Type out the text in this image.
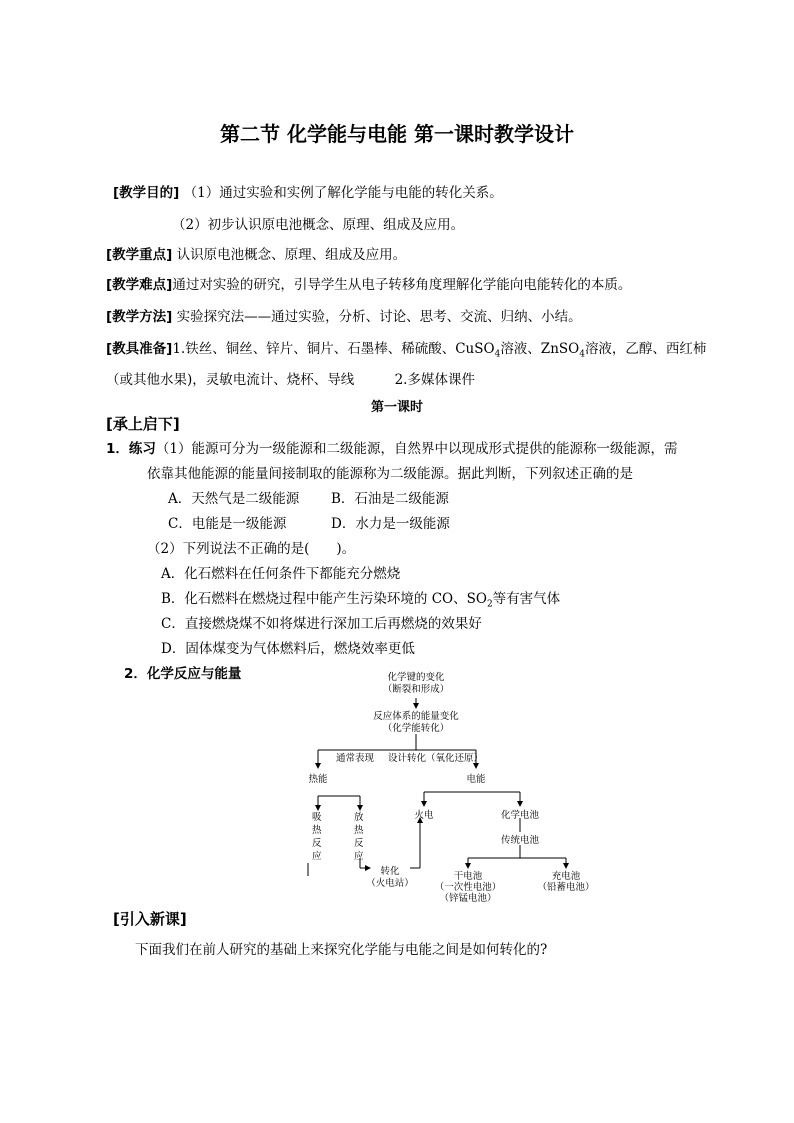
第二节 化学能与电能 第一课时教学设计
[教学目的] （1）通过实验和实例了解化学能与电能的转化关系。
（2）初步认识原电池概念、原理、组成及应用。
[教学重点] 认识原电池概念、原理、组成及应用。
[教学难点]通过对实验的研究，引导学生从电子转移角度理解化学能向电能转化的本质。
[教学方法] 实验探究法——通过实验，分析、讨论、思考、交流、归纳、小结。
[教具准备]1.铁丝、铜丝、锌片、铜片、石墨棒、稀硫酸、CuSO$_4$溶液、ZnSO$_4$溶液，乙醇、西红柿
（或其他水果)，灵敏电流计、烧杯、导线	2.多媒体课件
第一课时
[承上启下]
1．练习（1）能源可分为一级能源和二级能源，自然界中以现成形式提供的能源称一级能源，需
依靠其他能源的能量间接制取的能源称为二级能源。据此判断，下列叙述正确的是
A．天然气是二级能源 B．石油是二级能源
C．电能是一级能源	D．水力是一级能源
（2）下列说法不正确的是(　　)。
A．化石燃料在任何条件下都能充分燃烧
B．化石燃料在燃烧过程中能产生污染环境的 CO、$SO_2$等有害气体
C．直接燃烧煤不如将煤进行深加工后再燃烧的效果好
D．固体煤变为气体燃料后，燃烧效率更低
2．化学反应与能量	化学键的变化
（断裂和形成）
反应体系的能量变化
（化学能转化）
通常表现 设计转化（氧化还原）
热能	电能
吸
热
反
应
放
热
反
应
火电	化学电池
传统电池
转化
（火电站）
干电池
（一次性电池）
（锌锰电池）
充电池
（铅蓄电池）
[引入新课]
下面我们在前人研究的基础上来探究化学能与电能之间是如何转化的?
